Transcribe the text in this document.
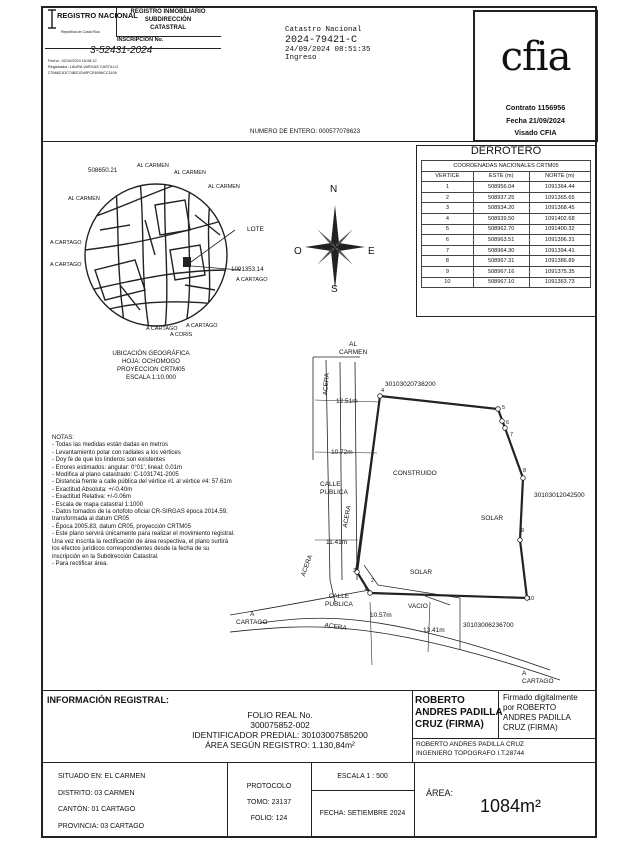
REGISTRO NACIONAL
República de Costa Rica
REGISTRO INMOBILIARIO
SUBDIRECCIÓN
CATASTRAL
INSCRIPCIÓN No.
3-52431-2024
Fecha : 02/10/2024 16:08:12
Registrador: LAURA VARGAS CASTILLO
27B6621DC74BE1D49FCE6096CC1106
Catastro Nacional
2024-79421-C
24/09/2024 08:51:35
Ingreso	cfia
Contrato 1156956
Fecha 21/09/2024
Visado CFIA
NUMERO DE ENTERO: 000577078623
508650.21
1091353.14
LOTE
AL CARMEN
AL CARMEN
AL CARMEN
AL CARMEN
A CARTAGO
A CARTAGO
A CARTAGO
A CARTAGO A CARTAGO
A CORIS
UBICACIÓN GEOGRÁFICA
HOJA: OCHOMOGO
PROYECCION CRTM05
ESCALA 1:10.000
N
S
E
O
DERROTERO
COORDENADAS NACIONALES CRTM05		
VERTICE	ESTE (m)	NORTE (m)
1	508956.04	1091364.44
2	508937.25	1091365.65
3	508934.20	1091368.45
4	508939.50	1091402.68
5	508962.70	1091400.32
6	508963.51	1091396.31
7	508964.30	1091394.41
8	508967.31	1091386.89
9	508967.16	1091375.35
10	508967.10	1091363.73
NOTAS:
- Todas las medidas están dadas en metros
- Levantamiento polar con radiales a los vértices
- Doy fe de que los linderos son existentes
- Errores estimados: angular: 0°01', lineal: 0.01m
- Modifica al plano catastrado: C-1031741-2005
- Distancia frente a calle pública del vértice #1 al vértice #4: 57.61m
- Exactitud Absoluta: +/-0.40m
- Exactitud Relativa: +/-0.06m
- Escala de mapa catastral 1:1000
- Datos tomados de la ortofoto oficial CR-SIRGAS época 2014.59,
transformada al datum CR05
- Época 2005.83, datum CR05, proyección CRTM05
- Este plano servirá únicamente para realizar el movimiento registral.
Una vez inscrita la rectificación de área respectiva, el plano surtirá
los efectos jurídicos correspondientes desde la fecha de su
inscripción en la Subdirección Catastral.
- Para rectificar área.
AL
CARMEN
ACERA
ACERA
ACERA
ACERA
CALLE
PUBLICA
CALLE
PUBLICA
A
CARTAGO
A
CARTAGO
CONSTRUIDO
SOLAR
SOLAR
VACIO
30103020738200
30103012042500
30103006236700
12.51m
10.72m
11.41m
10.57m
13.41m
1
2
3
4
5
6
7
8
9
10
INFORMACIÓN REGISTRAL:
FOLIO REAL No.
300075852-002
IDENTIFICADOR PREDIAL: 30103007585200
ÁREA SEGÚN REGISTRO: 1.130,84m²
ROBERTO
ANDRES PADILLA
CRUZ (FIRMA)
Firmado digitalmente
por ROBERTO
ANDRES PADILLA
CRUZ (FIRMA)
ROBERTO ANDRES PADILLA CRUZ
INGENIERO TOPOGRAFO I.T.28744
SITUADO EN: EL CARMEN
DISTRITO: 03 CARMEN
CANTÓN: 01 CARTAGO
PROVINCIA: 03 CARTAGO
PROTOCOLO
TOMO: 23137
FOLIO: 124
ESCALA 1 : 500
FECHA: SETIEMBRE 2024
ÁREA:
1084m²
